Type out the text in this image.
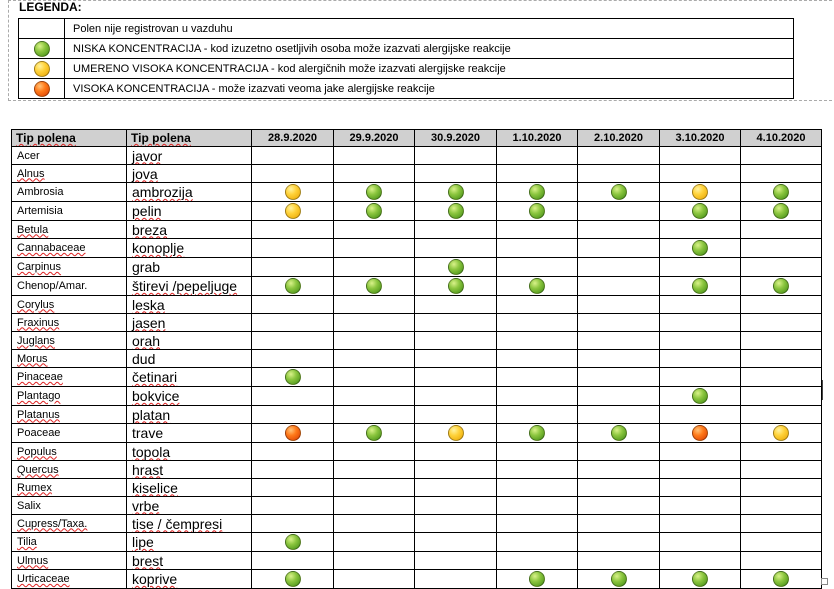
LEGENDA:
	Polen nije registrovan u vazduhu
	NISKA KONCENTRACIJA - kod izuzetno osetljivih osoba može izazvati alergijske reakcije
	UMERENO VISOKA KONCENTRACIJA - kod alergičnih može izazvati alergijske reakcije
	VISOKA KONCENTRACIJA - može izazvati veoma jake alergijske reakcije
Tip polena	Tip polena	28.9.2020	29.9.2020	30.9.2020	1.10.2020	2.10.2020	3.10.2020	4.10.2020
Acer	javor							
Alnus	jova							
Ambrosia	ambrozija							
Artemisia	pelin							
Betula	breza							
Cannabaceae	konoplje							
Carpinus	grab							
Chenop/Amar.	štirevi /pepeljuge							
Corylus	leska							
Fraxinus	jasen							
Juglans	orah							
Morus	dud							
Pinaceae	četinari							
Plantago	bokvice							
Platanus	platan							
Poaceae	trave							
Populus	topola							
Quercus	hrast							
Rumex	kiselice							
Salix	vrbe							
Cupress/Taxa.	tise / čempresi							
Tilia	lipe							
Ulmus	brest							
Urticaceae	koprive							
